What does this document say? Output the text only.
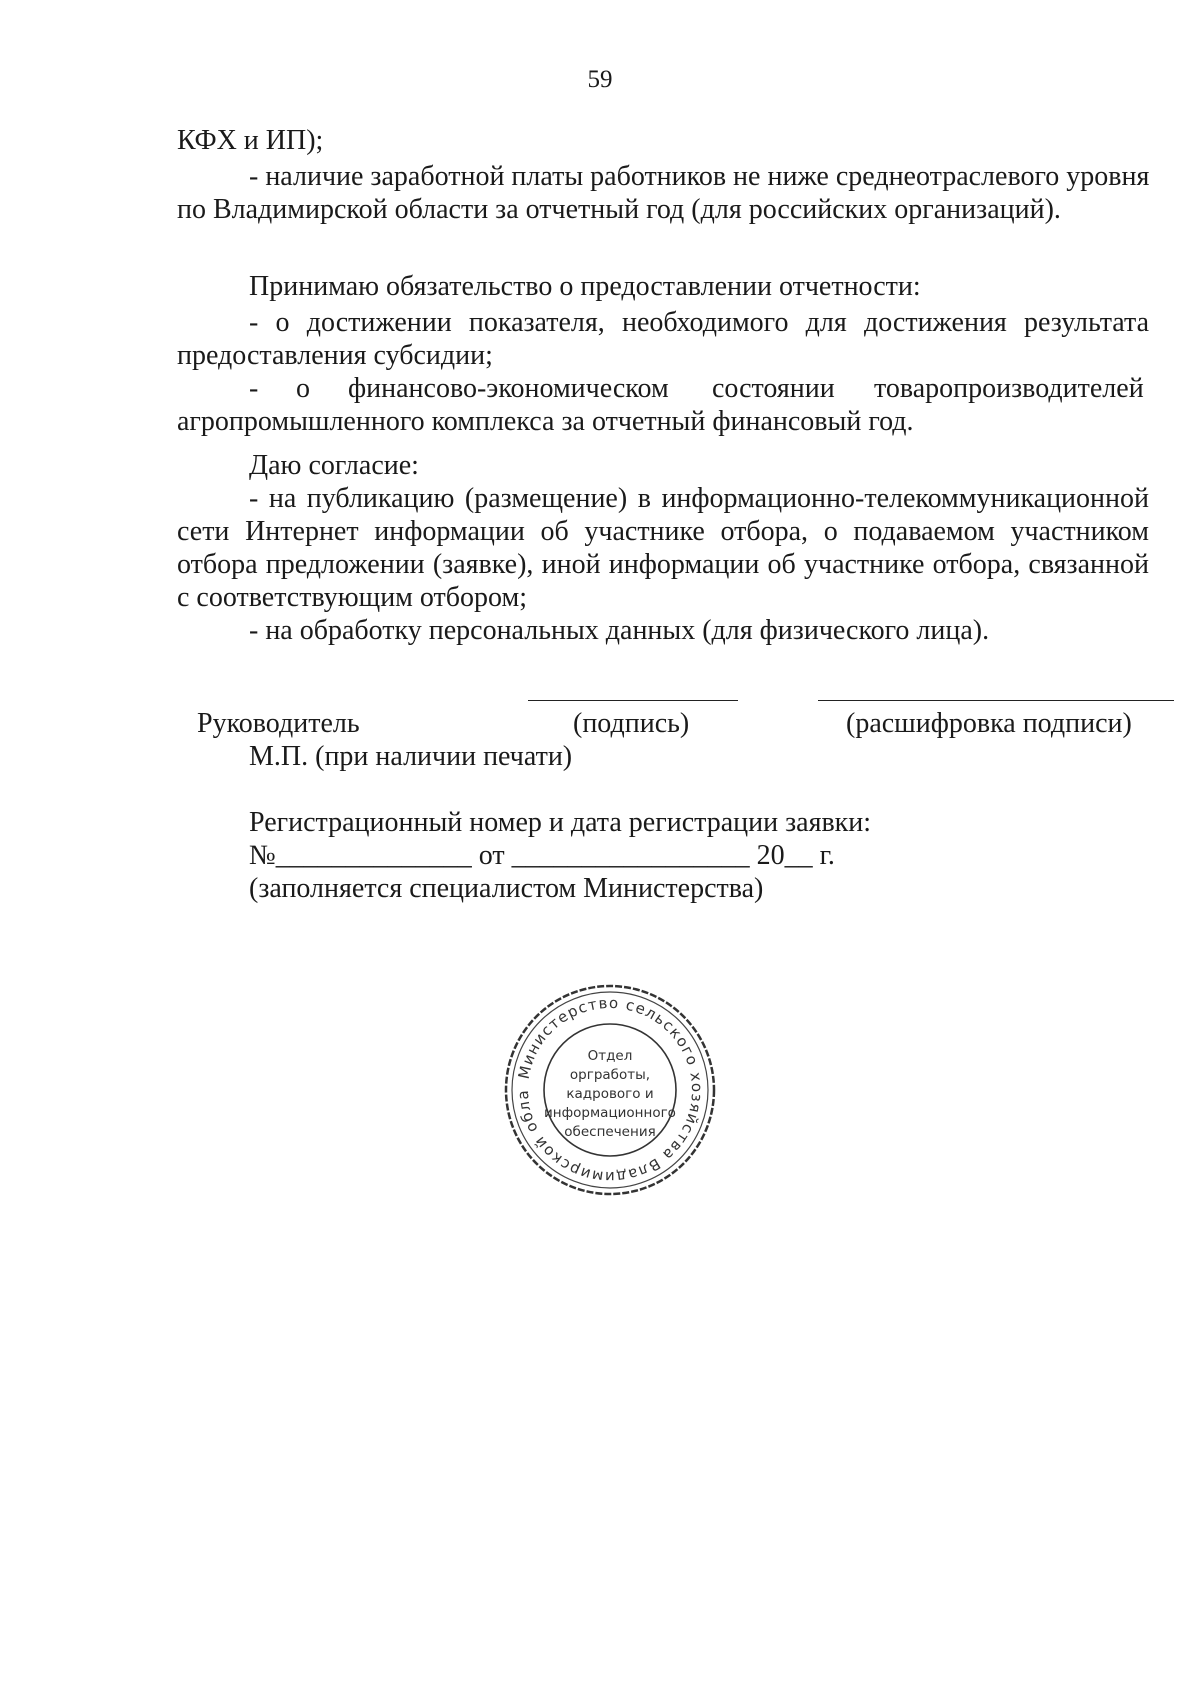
59
КФХ и ИП);
- наличие заработной платы работников не ниже среднеотраслевого уровня
по Владимирской области за отчетный год (для российских организаций).
Принимаю обязательство о предоставлении отчетности:
- о достижении показателя, необходимого для достижения результата
предоставления субсидии;
- о финансово-экономическом состоянии товаропроизводителей
агропромышленного комплекса за отчетный финансовый год.
Даю согласие:
- на публикацию (размещение) в информационно-телекоммуникационной
сети Интернет информации об участнике отбора, о подаваемом участником
отбора предложении (заявке), иной информации об участнике отбора, связанной
с соответствующим отбором;
- на обработку персональных данных (для физического лица).
Руководитель	(подпись)	(расшифровка подписи)
М.П. (при наличии печати)
Регистрационный номер и дата регистрации заявки:
№______________ от _________________ 20__ г.
(заполняется специалистом Министерства)
Министерство сельского хозяйства Владимирской обла
Отдел
оргработы,
кадрового и
информационного
обеспечения
